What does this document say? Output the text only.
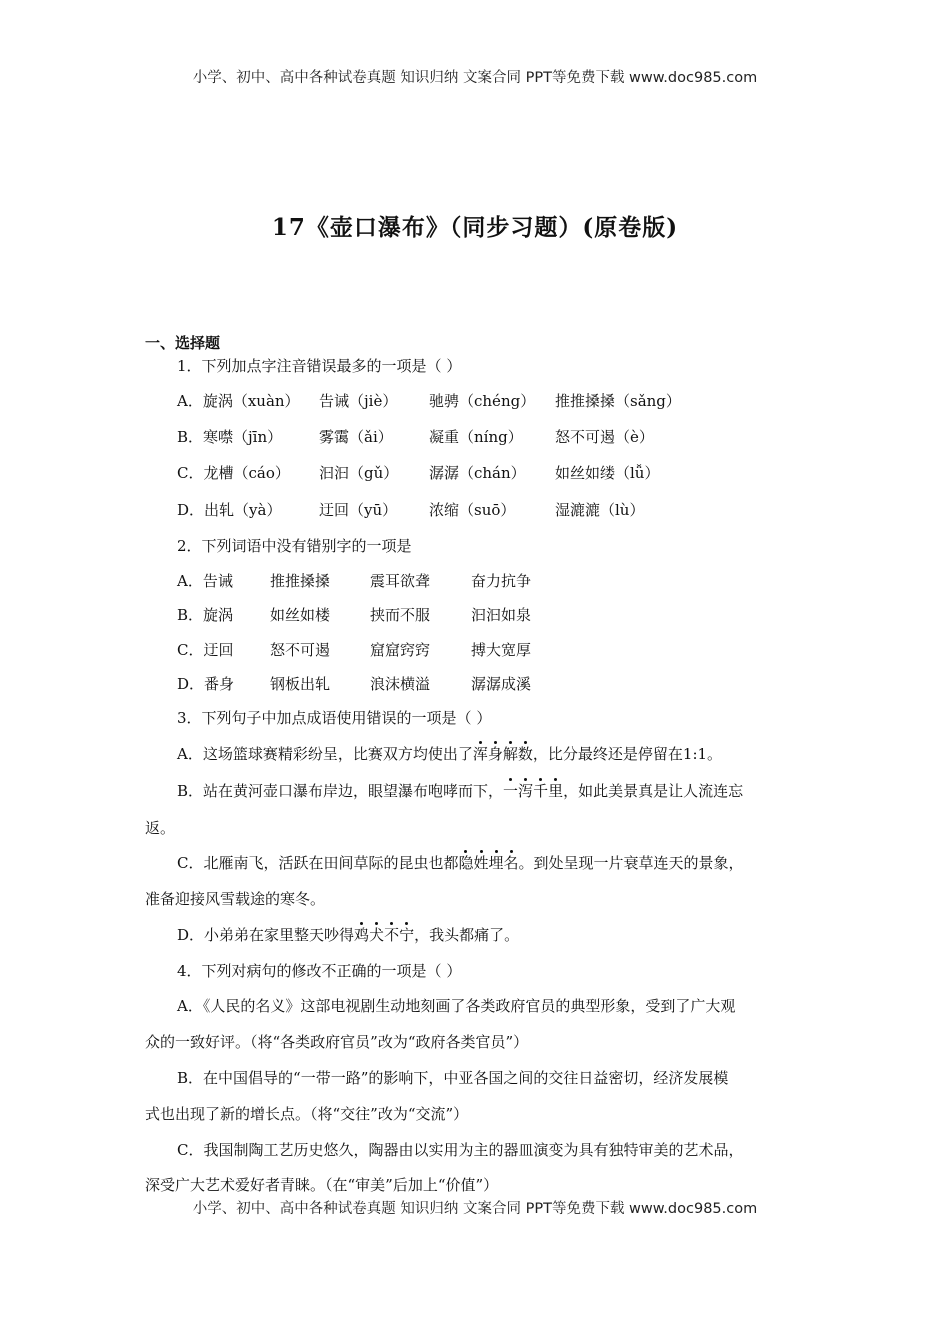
小学、初中、高中各种试卷真题 知识归纳 文案合同 PPT等免费下载 www.doc985.com
17《壶口瀑布》（同步习题）(原卷版)
一、选择题
1．下列加点字注音错误最多的一项是（ ）
A．旋涡（xuàn） 告诫（jiè） 驰骋（chéng） 推推搡搡（sǎng）
B．寒噤（jīn） 雾霭（ǎi） 凝重（níng） 怒不可遏（è）
C．龙槽（cáo） 汩汩（gǔ） 潺潺（chán） 如丝如缕（lǚ）
D．出轧（yà）	迂回（yū） 浓缩（suō）	湿漉漉（lù）
2．下列词语中没有错别字的一项是
A．告诫 推推搡搡	震耳欲聋	奋力抗争
B．旋涡 如丝如楼	挟而不服	汩汩如泉
C．迂回 怒不可遏	窟窟窍窍	搏大宽厚
D．番身 钢板出轧	浪沫横溢	潺潺成溪
3．下列句子中加点成语使用错误的一项是（ ）
A．这场篮球赛精彩纷呈，比赛双方均使出了浑身解数，比分最终还是停留在1:1。
B．站在黄河壶口瀑布岸边，眼望瀑布咆哮而下，一泻千里，如此美景真是让人流连忘
返。
C．北雁南飞，活跃在田间草际的昆虫也都隐姓埋名。到处呈现一片衰草连天的景象，
准备迎接风雪载途的寒冬。
D．小弟弟在家里整天吵得鸡犬不宁，我头都痛了。
4．下列对病句的修改不正确的一项是（ ）
A．《人民的名义》这部电视剧生动地刻画了各类政府官员的典型形象，受到了广大观
众的一致好评。（将“各类政府官员”改为“政府各类官员”）
B．在中国倡导的“一带一路”的影响下，中亚各国之间的交往日益密切，经济发展模
式也出现了新的增长点。（将“交往”改为“交流”）
C．我国制陶工艺历史悠久，陶器由以实用为主的器皿演变为具有独特审美的艺术品，
深受广大艺术爱好者青睐。（在“审美”后加上“价值”）
小学、初中、高中各种试卷真题 知识归纳 文案合同 PPT等免费下载 www.doc985.com
